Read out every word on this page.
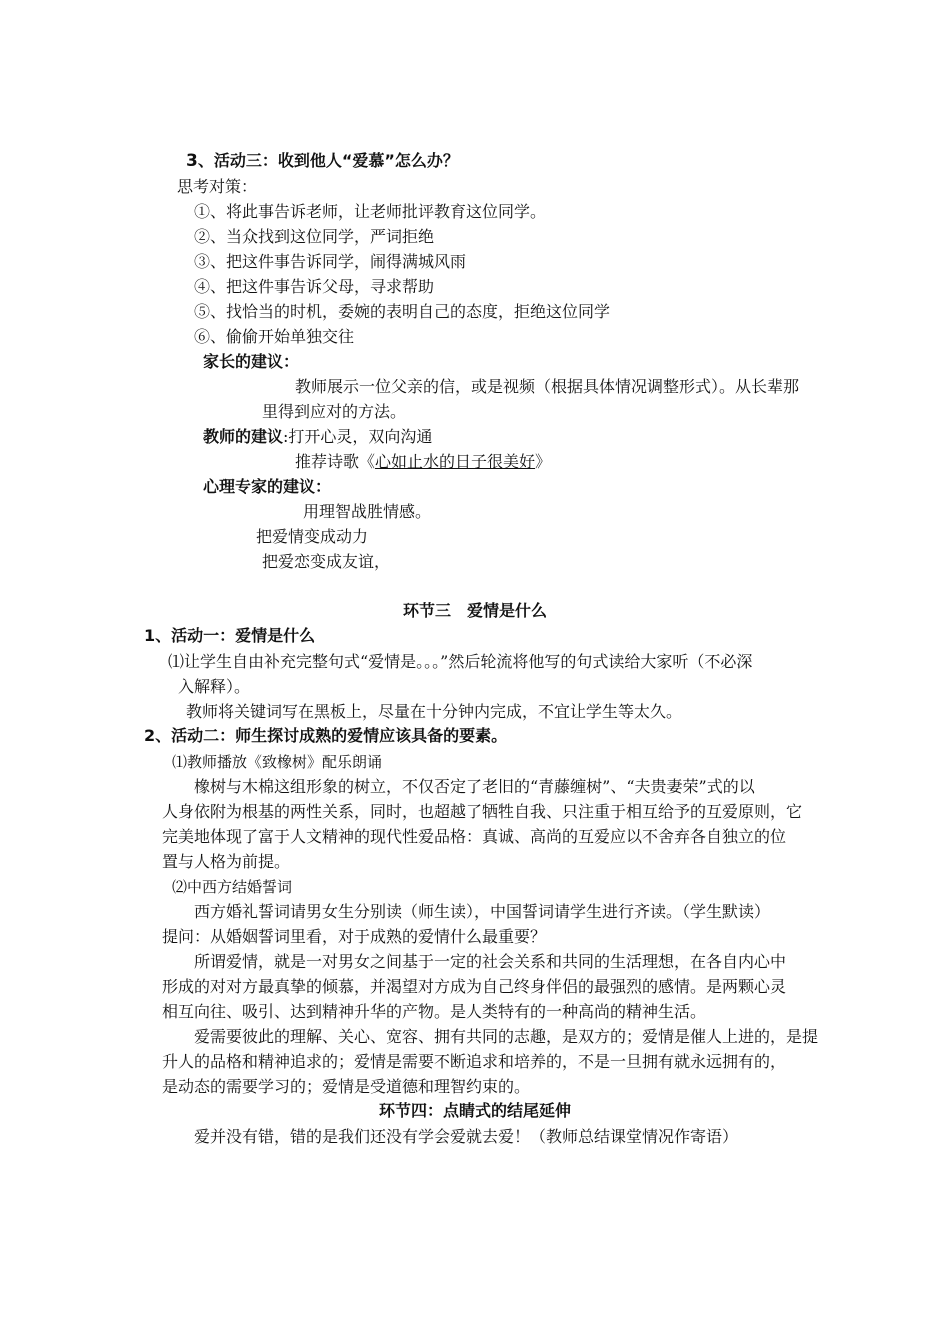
3、活动三：收到他人“爱慕”怎么办？
思考对策：
①、将此事告诉老师，让老师批评教育这位同学。
②、当众找到这位同学，严词拒绝
③、把这件事告诉同学，闹得满城风雨
④、把这件事告诉父母，寻求帮助
⑤、找恰当的时机，委婉的表明自己的态度，拒绝这位同学
⑥、偷偷开始单独交往
家长的建议：
教师展示一位父亲的信，或是视频（根据具体情况调整形式）。从长辈那
里得到应对的方法。
教师的建议:打开心灵，双向沟通
推荐诗歌《心如止水的日子很美好》
心理专家的建议：
用理智战胜情感。
把爱情变成动力
把爱恋变成友谊，
环节三　爱情是什么
1、活动一：爱情是什么
⑴让学生自由补充完整句式“爱情是。。。”然后轮流将他写的句式读给大家听（不必深
入解释）。
教师将关键词写在黑板上，尽量在十分钟内完成，不宜让学生等太久。
2、活动二：师生探讨成熟的爱情应该具备的要素。
⑴教师播放《致橡树》配乐朗诵
橡树与木棉这组形象的树立，不仅否定了老旧的“青藤缠树”、“夫贵妻荣”式的以
人身依附为根基的两性关系，同时，也超越了牺牲自我、只注重于相互给予的互爱原则，它
完美地体现了富于人文精神的现代性爱品格：真诚、高尚的互爱应以不舍弃各自独立的位
置与人格为前提。
⑵中西方结婚誓词
西方婚礼誓词请男女生分别读（师生读），中国誓词请学生进行齐读。（学生默读）
提问：从婚姻誓词里看，对于成熟的爱情什么最重要？
所谓爱情，就是一对男女之间基于一定的社会关系和共同的生活理想，在各自内心中
形成的对对方最真挚的倾慕，并渴望对方成为自己终身伴侣的最强烈的感情。是两颗心灵
相互向往、吸引、达到精神升华的产物。是人类特有的一种高尚的精神生活。
爱需要彼此的理解、关心、宽容、拥有共同的志趣，是双方的；爱情是催人上进的，是提
升人的品格和精神追求的；爱情是需要不断追求和培养的，不是一旦拥有就永远拥有的，
是动态的需要学习的；爱情是受道德和理智约束的。
环节四：点睛式的结尾延伸
爱并没有错，错的是我们还没有学会爱就去爱！（教师总结课堂情况作寄语）
